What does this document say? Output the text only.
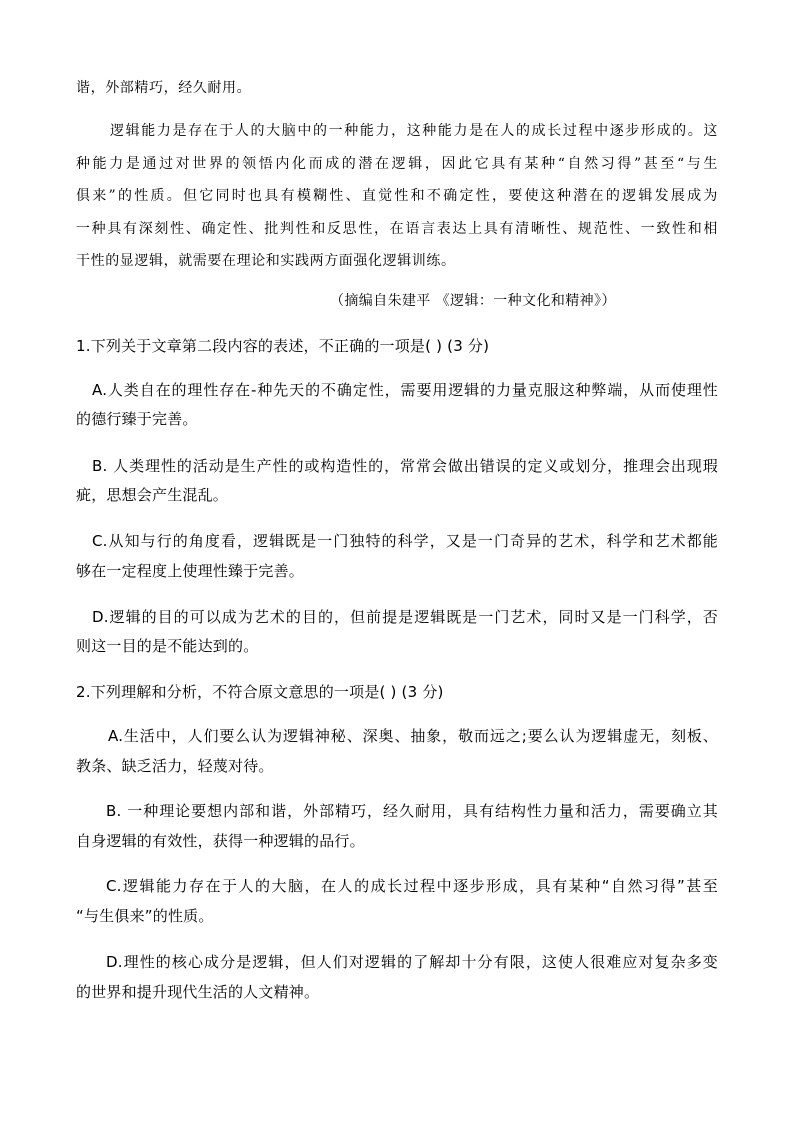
谐，外部精巧，经久耐用。
逻辑能力是存在于人的大脑中的一种能力，这种能力是在人的成长过程中逐步形成的。这
种能力是通过对世界的领悟内化而成的潜在逻辑，因此它具有某种“自然习得”甚至“与生
俱来”的性质。但它同时也具有模糊性、直觉性和不确定性，要使这种潜在的逻辑发展成为
一种具有深刻性、确定性、批判性和反思性，在语言表达上具有清晰性、规范性、一致性和相
干性的显逻辑，就需要在理论和实践两方面强化逻辑训练。
（摘编自朱建平 《逻辑：一种文化和精神》）
1.下列关于文章第二段内容的表述，不正确的一项是( ) (3 分)
A.人类自在的理性存在-种先天的不确定性，需要用逻辑的力量克服这种弊端，从而使理性
的德行臻于完善。
B. 人类理性的活动是生产性的或构造性的，常常会做出错误的定义或划分，推理会出现瑕
疵，思想会产生混乱。
C.从知与行的角度看，逻辑既是一门独特的科学，又是一门奇异的艺术，科学和艺术都能
够在一定程度上使理性臻于完善。
D.逻辑的目的可以成为艺术的目的，但前提是逻辑既是一门艺术，同时又是一门科学，否
则这一目的是不能达到的。
2.下列理解和分析，不符合原文意思的一项是( ) (3 分)
A.生活中，人们要么认为逻辑神秘、深奥、抽象，敬而远之;要么认为逻辑虚无，刻板、
教条、缺乏活力，轻蔑对待。
B. 一种理论要想内部和谐，外部精巧，经久耐用，具有结构性力量和活力，需要确立其
自身逻辑的有效性，获得一种逻辑的品行。
C.逻辑能力存在于人的大脑，在人的成长过程中逐步形成，具有某种“自然习得”甚至
“与生俱来”的性质。
D.理性的核心成分是逻辑，但人们对逻辑的了解却十分有限，这使人很难应对复杂多变
的世界和提升现代生活的人文精神。
